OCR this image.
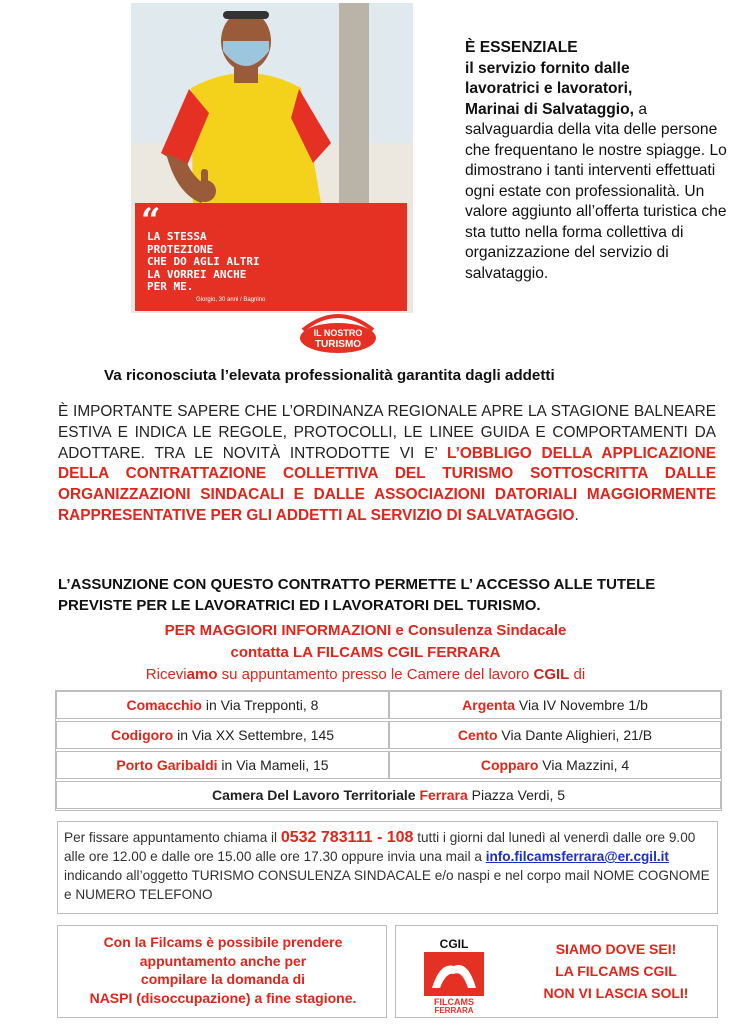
“
LA STESSA
PROTEZIONE
CHE DO AGLI ALTRI
LA VORREI ANCHE
PER ME.
Giorgio, 30 anni / Bagnino
IL NOSTRO
TURISMO
È ESSENZIALE
il servizio fornito dalle
lavoratrici e lavoratori,
Marinai di Salvataggio, a
salvaguardia della vita delle persone che frequentano le nostre spiagge. Lo dimostrano i tanti interventi effettuati ogni estate con professionalità. Un valore aggiunto all’offerta turistica che sta tutto nella forma collettiva di organizzazione del servizio di salvataggio.
Va riconosciuta l’elevata professionalità garantita dagli addetti
È IMPORTANTE SAPERE CHE L’ORDINANZA REGIONALE APRE LA STAGIONE BALNEARE ESTIVA E INDICA LE REGOLE, PROTOCOLLI, LE LINEE GUIDA E COMPORTAMENTI DA ADOTTARE. TRA LE NOVITÀ INTRODOTTE VI E’ L’OBBLIGO DELLA APPLICAZIONE DELLA CONTRATTAZIONE COLLETTIVA DEL TURISMO SOTTOSCRITTA DALLE ORGANIZZAZIONI SINDACALI E DALLE ASSOCIAZIONI DATORIALI MAGGIORMENTE RAPPRESENTATIVE PER GLI ADDETTI AL SERVIZIO DI SALVATAGGIO.
L’ASSUNZIONE CON QUESTO CONTRATTO PERMETTE L’ ACCESSO ALLE TUTELE PREVISTE PER LE LAVORATRICI ED I LAVORATORI DEL TURISMO.
PER MAGGIORI INFORMAZIONI e Consulenza Sindacale
contatta LA FILCAMS CGIL FERRARA
Riceviamo su appuntamento presso le Camere del lavoro CGIL di
Comacchio in Via Trepponti, 8	Argenta Via IV Novembre 1/b
Codigoro in Via XX Settembre, 145	Cento Via Dante Alighieri, 21/B
Porto Garibaldi in Via Mameli, 15	Copparo Via Mazzini, 4
Camera Del Lavoro Territoriale Ferrara Piazza Verdi, 5
Per fissare appuntamento chiama il 0532 783111 - 108 tutti i giorni dal lunedì al venerdì dalle ore 9.00 alle ore 12.00 e dalle ore 15.00 alle ore 17.30 oppure invia una mail a info.filcamsferrara@er.cgil.it indicando all’oggetto TURISMO CONSULENZA SINDACALE e/o naspi e nel corpo mail NOME COGNOME e NUMERO TELEFONO
Con la Filcams è possibile prendere
appuntamento anche per
compilare la domanda di
NASPI (disoccupazione) a fine stagione.
CGIL
FILCAMS
FERRARA
SIAMO DOVE SEI!
LA FILCAMS CGIL
NON VI LASCIA SOLI!
